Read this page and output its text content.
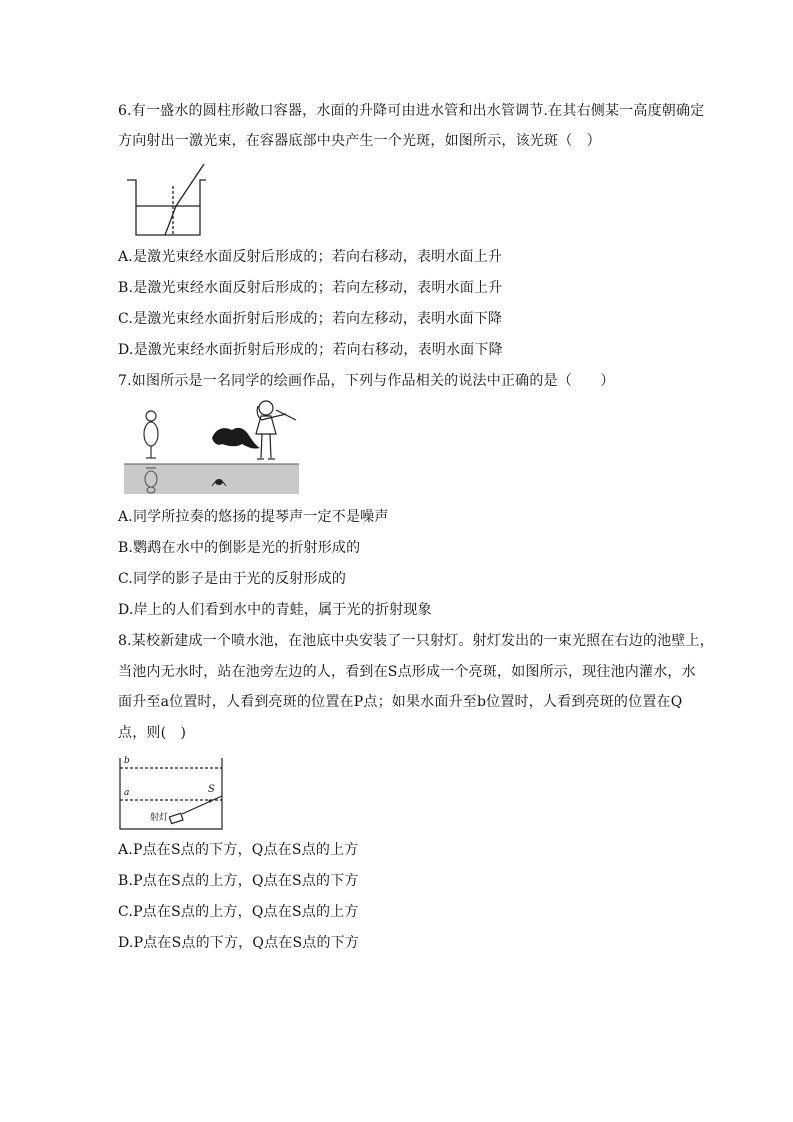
6.有一盛水的圆柱形敞口容器，水面的升降可由进水管和出水管调节.在其右侧某一高度朝确定
方向射出一激光束，在容器底部中央产生一个光斑，如图所示，该光斑（　）
A.是激光束经水面反射后形成的；若向右移动，表明水面上升
B.是激光束经水面反射后形成的；若向左移动，表明水面上升
C.是激光束经水面折射后形成的；若向左移动，表明水面下降
D.是激光束经水面折射后形成的；若向右移动，表明水面下降
7.如图所示是一名同学的绘画作品，下列与作品相关的说法中正确的是（　　）
A.同学所拉奏的悠扬的提琴声一定不是噪声
B.鹦鹉在水中的倒影是光的折射形成的
C.同学的影子是由于光的反射形成的
D.岸上的人们看到水中的青蛙，属于光的折射现象
8.某校新建成一个喷水池，在池底中央安装了一只射灯。射灯发出的一束光照在右边的池壁上，
当池内无水时，站在池旁左边的人，看到在S点形成一个亮斑，如图所示，现往池内灌水，水
面升至a位置时，人看到亮斑的位置在P点；如果水面升至b位置时，人看到亮斑的位置在Q
点，则(　)
b
a	S
射灯
A.P点在S点的下方，Q点在S点的上方
B.P点在S点的上方，Q点在S点的下方
C.P点在S点的上方，Q点在S点的上方
D.P点在S点的下方，Q点在S点的下方
